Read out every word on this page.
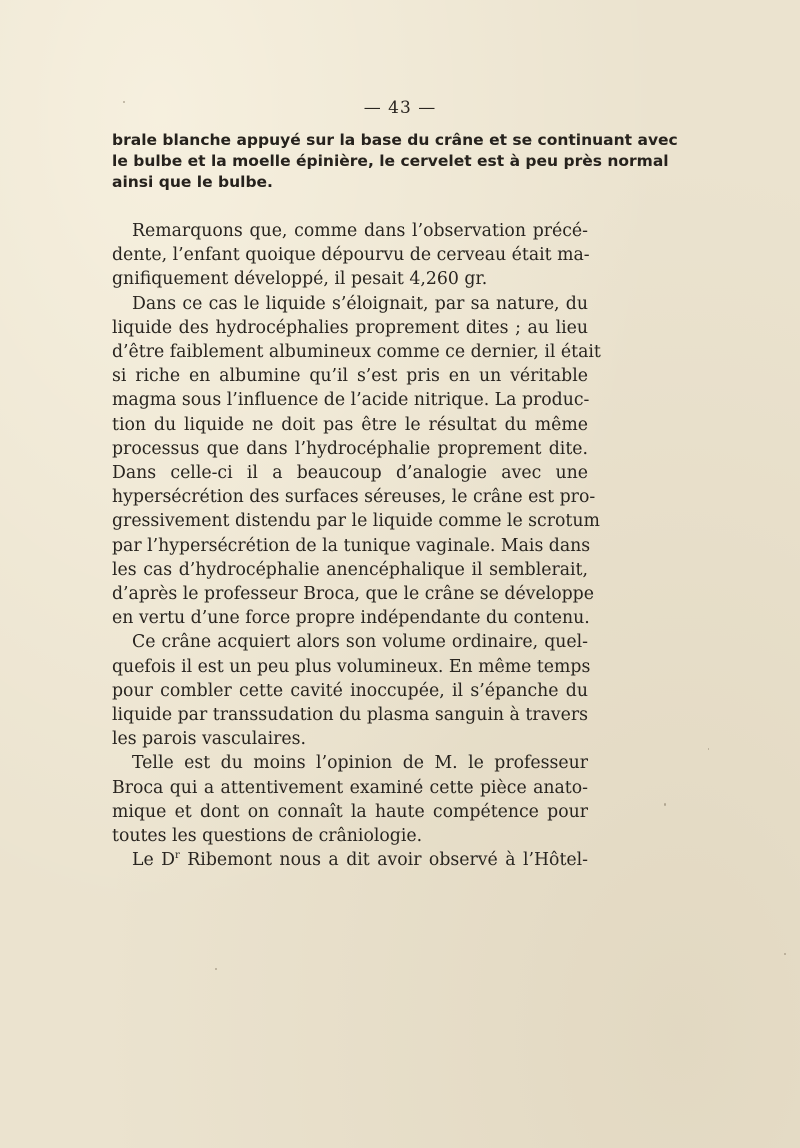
— 43 —
brale blanche appuyé sur la base du crâne et se continuant avec
le bulbe et la moelle épinière, le cervelet est à peu près normal
ainsi que le bulbe.
Remarquons que, comme dans l’observation précé-
dente, l’enfant quoique dépourvu de cerveau était ma-
gnifiquement développé, il pesait 4,260 gr.
Dans ce cas le liquide s’éloignait, par sa nature, du
liquide des hydrocéphalies proprement dites ; au lieu
d’être faiblement albumineux comme ce dernier, il était
si riche en albumine qu’il s’est pris en un véritable
magma sous l’influence de l’acide nitrique. La produc-
tion du liquide ne doit pas être le résultat du même
processus que dans l’hydrocéphalie proprement dite.
Dans celle-ci il a beaucoup d’analogie avec une
hypersécrétion des surfaces séreuses, le crâne est pro-
gressivement distendu par le liquide comme le scrotum
par l’hypersécrétion de la tunique vaginale. Mais dans
les cas d’hydrocéphalie anencéphalique il semblerait,
d’après le professeur Broca, que le crâne se développe
en vertu d’une force propre indépendante du contenu.
Ce crâne acquiert alors son volume ordinaire, quel-
quefois il est un peu plus volumineux. En même temps
pour combler cette cavité inoccupée, il s’épanche du
liquide par transsudation du plasma sanguin à travers
les parois vasculaires.
Telle est du moins l’opinion de M. le professeur
Broca qui a attentivement examiné cette pièce anato-
mique et dont on connaît la haute compétence pour
toutes les questions de crâniologie.
Le $D^r$ Ribemont nous a dit avoir observé à l’Hôtel-
